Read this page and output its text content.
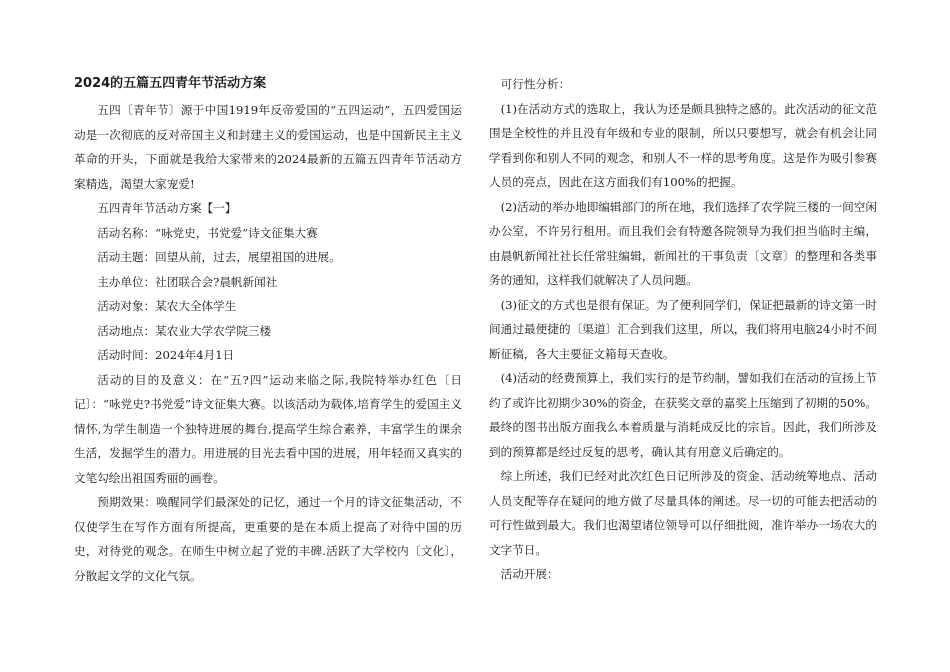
2024的五篇五四青年节活动方案

五四〔青年节〕源于中国1919年反帝爱国的“五四运动”，五四爱国运动是一次彻底的反对帝国主义和封建主义的爱国运动，也是中国新民主主义革命的开头，下面就是我给大家带来的2024最新的五篇五四青年节活动方案精选，渴望大家宠爱!

五四青年节活动方案【一】

活动名称：“咏党史，书党爱”诗文征集大赛

活动主题：回望从前，过去，展望祖国的进展。

主办单位：社团联合会?晨帆新闻社

活动对象：某农大全体学生

活动地点：某农业大学农学院三楼

活动时间：2024年4月1日

活动的目的及意义：在“五?四”运动来临之际,我院特举办红色〔日记〕：“咏党史?书党爱”诗文征集大赛。以该活动为载体,培育学生的爱国主义情怀,为学生制造一个独特进展的舞台,提高学生综合素养，丰富学生的课余生活，发掘学生的潜力。用进展的目光去看中国的进展，用年轻而又真实的文笔勾绘出祖国秀丽的画卷。

预期效果：唤醒同学们最深处的记忆，通过一个月的诗文征集活动，不仅使学生在写作方面有所提高，更重要的是在本质上提高了对待中国的历史，对待党的观念。在师生中树立起了党的丰碑.活跃了大学校内〔文化〕，分散起文学的文化气氛。

可行性分析：

(1)在活动方式的选取上，我认为还是颇具独特之感的。此次活动的征文范围是全校性的并且没有年级和专业的限制，所以只要想写，就会有机会让同学看到你和别人不同的观念，和别人不一样的思考角度。这是作为吸引参赛人员的亮点，因此在这方面我们有100%的把握。

(2)活动的举办地即编辑部门的所在地，我们选择了农学院三楼的一间空闲办公室，不许另行租用。而且我们会有特邀各院领导为我们担当临时主编，由晨帆新闻社社长任常驻编辑，新闻社的干事负责〔文章〕的整理和各类事务的通知，这样我们就解决了人员问题。

(3)征文的方式也是很有保证。为了便利同学们，保证把最新的诗文第一时间通过最便捷的〔渠道〕汇合到我们这里，所以，我们将用电脑24小时不间断征稿，各大主要征文箱每天查收。

(4)活动的经费预算上，我们实行的是节约制，譬如我们在活动的宣扬上节约了或许比初期少30%的资金，在获奖文章的嘉奖上压缩到了初期的50%。最终的图书出版方面我么本着质量与消耗成反比的宗旨。因此，我们所涉及到的预算都是经过反复的思考，确认其有用意义后确定的。

综上所述，我们已经对此次红色日记所涉及的资金、活动统筹地点、活动人员支配等存在疑问的地方做了尽量具体的阐述。尽一切的可能去把活动的可行性做到最大。我们也渴望诸位领导可以仔细批阅，准许举办一场农大的文字节日。

活动开展：
